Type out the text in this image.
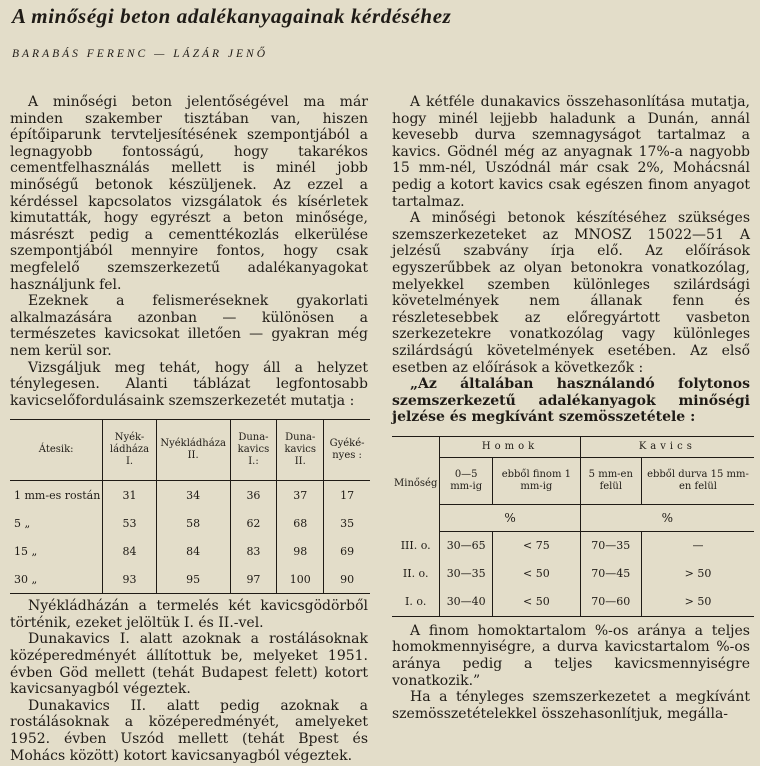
A minőségi beton adalékanyagainak kérdéséhez
BARABÁS FERENC — LÁZÁR JENŐ

A minőségi beton jelentőségével ma már minden szakember tisztában van, hiszen építőiparunk tervteljesítésének szempontjából a legnagyobb fontosságú, hogy takarékos cementfelhasználás mellett is minél jobb minőségű betonok készüljenek. Az ezzel a kérdéssel kapcsolatos vizsgálatok és kísérletek kimutatták, hogy egyrészt a beton minősége, másrészt pedig a cementtékozlás elkerülése szempontjából mennyire fontos, hogy csak megfelelő szemszerkezetű adalékanyagokat használjunk fel.

Ezeknek a felismeréseknek gyakorlati alkalmazására azonban — különösen a természetes kavicsokat illetően — gyakran még nem kerül sor.

Vizsgáljuk meg tehát, hogy áll a helyzet ténylegesen. Alanti táblázat legfontosabb kavicselőfordulásaink szemszerkezetét mutatja :

Átesik:	Nyék-ládháza I.	Nyékládháza II.	Duna-kavics I.:	Duna-kavics II.	Gyéké-nyes :
1 mm-es rostán	31	34	36	37	17
5 „	53	58	62	68	35
15 „	84	84	83	98	69
30 „	93	95	97	100	90

Nyékládházán a termelés két kavicsgödörből történik, ezeket jelöltük I. és II.-vel.

Dunakavics I. alatt azoknak a rostálásoknak középeredményét állítottuk be, melyeket 1951. évben Göd mellett (tehát Budapest felett) kotort kavicsanyagból végeztek.

Dunakavics II. alatt pedig azoknak a rostálásoknak a középeredményét, amelyeket 1952. évben Uszód mellett (tehát Bpest és Mohács között) kotort kavicsanyagból végeztek.

A kétféle dunakavics összehasonlítása mutatja, hogy minél lejjebb haladunk a Dunán, annál kevesebb durva szemnagyságot tartalmaz a kavics. Gödnél még az anyagnak 17%-a nagyobb 15 mm-nél, Uszódnál már csak 2%, Mohácsnál pedig a kotort kavics csak egészen finom anyagot tartalmaz.

A minőségi betonok készítéséhez szükséges szemszerkezeteket az MNOSZ 15022—51 A jelzésű szabvány írja elő. Az előírások egyszerűbbek az olyan betonokra vonatkozólag, melyekkel szemben különleges szilárdsági követelmények nem állanak fenn és részletesebbek az előregyártott vasbeton szerkezetekre vonatkozólag vagy különleges szilárdságú követelmények esetében. Az első esetben az előírások a következők :

„Az általában használandó folytonos szemszerkezetű adalékanyagok minőségi jelzése és megkívánt szemösszetétele :

Minőség	Homok		Kavics	
	0—5 mm-ig	ebből finom 1 mm-ig	5 mm-en felül	ebből durva 15 mm-en felül
	%		%	
III. o.	30—65	< 75	70—35	—
II. o.	30—35	< 50	70—45	> 50
I. o.	30—40	< 50	70—60	> 50

A finom homoktartalom %-os aránya a teljes homokmennyiségre, a durva kavicstartalom %-os aránya pedig a teljes kavicsmennyiségre vonatkozik.”

Ha a tényleges szemszerkezetet a megkívánt szemösszetételekkel összehasonlítjuk, megálla-
